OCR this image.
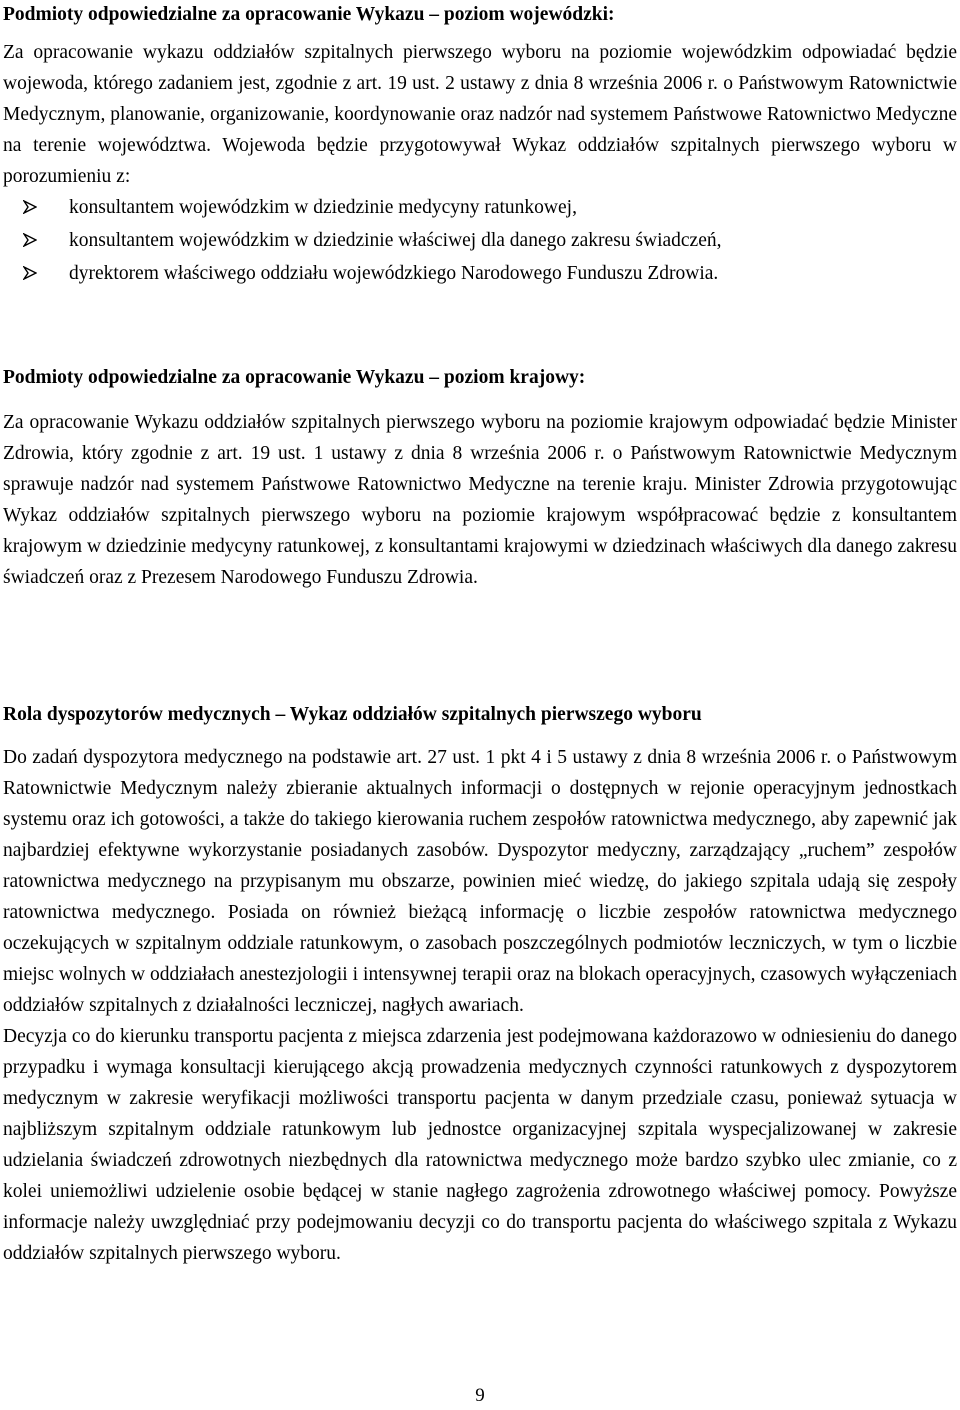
Podmioty odpowiedzialne za opracowanie Wykazu – poziom wojewódzki:

Za opracowanie wykazu oddziałów szpitalnych pierwszego wyboru na poziomie wojewódzkim odpowiadać będzie wojewoda, którego zadaniem jest, zgodnie z art. 19 ust. 2 ustawy z dnia 8 września 2006 r. o Państwowym Ratownictwie Medycznym, planowanie, organizowanie, koordynowanie oraz nadzór nad systemem Państwowe Ratownictwo Medyczne na terenie województwa. Wojewoda będzie przygotowywał Wykaz oddziałów szpitalnych pierwszego wyboru w porozumieniu z:

konsultantem wojewódzkim w dziedzinie medycyny ratunkowej,
konsultantem wojewódzkim w dziedzinie właściwej dla danego zakresu świadczeń,
dyrektorem właściwego oddziału wojewódzkiego Narodowego Funduszu Zdrowia.

Podmioty odpowiedzialne za opracowanie Wykazu – poziom krajowy:

Za opracowanie Wykazu oddziałów szpitalnych pierwszego wyboru na poziomie krajowym odpowiadać będzie Minister Zdrowia, który zgodnie z art. 19 ust. 1 ustawy z dnia 8 września 2006 r. o Państwowym Ratownictwie Medycznym sprawuje nadzór nad systemem Państwowe Ratownictwo Medyczne na terenie kraju. Minister Zdrowia przygotowując Wykaz oddziałów szpitalnych pierwszego wyboru na poziomie krajowym współpracować będzie z konsultantem krajowym w dziedzinie medycyny ratunkowej, z konsultantami krajowymi w dziedzinach właściwych dla danego zakresu świadczeń oraz z Prezesem Narodowego Funduszu Zdrowia.

Rola dyspozytorów medycznych – Wykaz oddziałów szpitalnych pierwszego wyboru

Do zadań dyspozytora medycznego na podstawie art. 27 ust. 1 pkt 4 i 5 ustawy z dnia 8 września 2006 r. o Państwowym Ratownictwie Medycznym należy zbieranie aktualnych informacji o dostępnych w rejonie operacyjnym jednostkach systemu oraz ich gotowości, a także do takiego kierowania ruchem zespołów ratownictwa medycznego, aby zapewnić jak najbardziej efektywne wykorzystanie posiadanych zasobów. Dyspozytor medyczny, zarządzający „ruchem” zespołów ratownictwa medycznego na przypisanym mu obszarze, powinien mieć wiedzę, do jakiego szpitala udają się zespoły ratownictwa medycznego. Posiada on również bieżącą informację o liczbie zespołów ratownictwa medycznego oczekujących w szpitalnym oddziale ratunkowym, o zasobach poszczególnych podmiotów leczniczych, w tym o liczbie miejsc wolnych w oddziałach anestezjologii i intensywnej terapii oraz na blokach operacyjnych, czasowych wyłączeniach oddziałów szpitalnych z działalności leczniczej, nagłych awariach.

Decyzja co do kierunku transportu pacjenta z miejsca zdarzenia jest podejmowana każdorazowo w odniesieniu do danego przypadku i wymaga konsultacji kierującego akcją prowadzenia medycznych czynności ratunkowych z dyspozytorem medycznym w zakresie weryfikacji możliwości transportu pacjenta w danym przedziale czasu, ponieważ sytuacja w najbliższym szpitalnym oddziale ratunkowym lub jednostce organizacyjnej szpitala wyspecjalizowanej w zakresie udzielania świadczeń zdrowotnych niezbędnych dla ratownictwa medycznego może bardzo szybko ulec zmianie, co z kolei uniemożliwi udzielenie osobie będącej w stanie nagłego zagrożenia zdrowotnego właściwej pomocy. Powyższe informacje należy uwzględniać przy podejmowaniu decyzji co do transportu pacjenta do właściwego szpitala z Wykazu oddziałów szpitalnych pierwszego wyboru.

9
